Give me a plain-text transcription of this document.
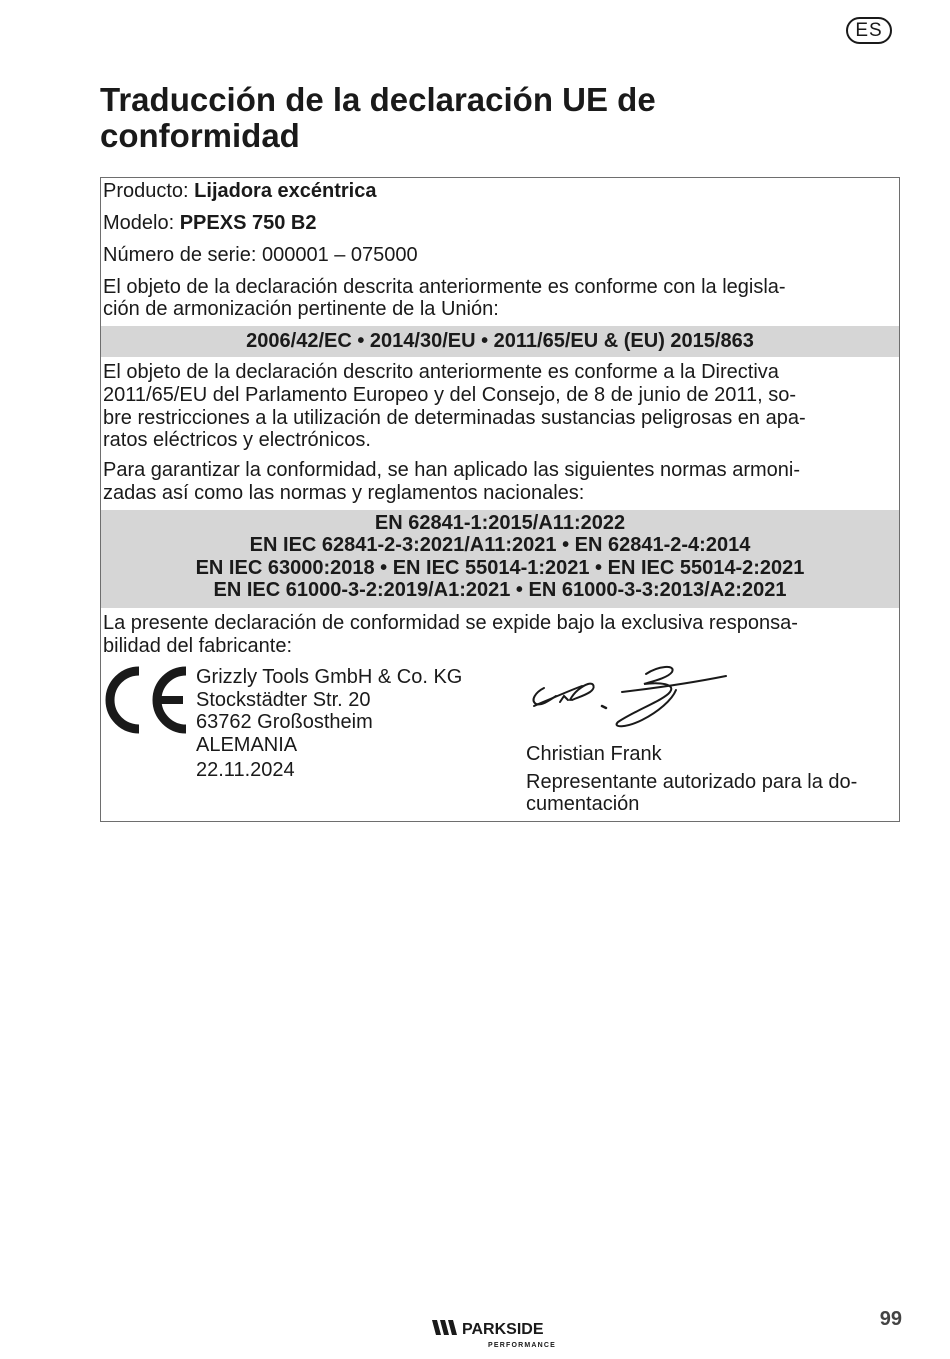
ES
Traducción de la declaración UE de conformidad
Producto: Lijadora excéntrica
Modelo: PPEXS 750 B2
Número de serie: 000001 – 075000
El objeto de la declaración descrita anteriormente es conforme con la legisla-
ción de armonización pertinente de la Unión:
2006/42/EC • 2014/30/EU • 2011/65/EU & (EU) 2015/863
El objeto de la declaración descrito anteriormente es conforme a la Directiva
2011/65/EU del Parlamento Europeo y del Consejo, de 8 de junio de 2011, so-
bre restricciones a la utilización de determinadas sustancias peligrosas en apa-
ratos eléctricos y electrónicos.
Para garantizar la conformidad, se han aplicado las siguientes normas armoni-
zadas así como las normas y reglamentos nacionales:
EN 62841-1:2015/A11:2022
EN IEC 62841-2-3:2021/A11:2021 • EN 62841-2-4:2014
EN IEC 63000:2018 • EN IEC 55014-1:2021 • EN IEC 55014-2:2021
EN IEC 61000-3-2:2019/A1:2021 • EN 61000-3-3:2013/A2:2021
La presente declaración de conformidad se expide bajo la exclusiva responsa-
bilidad del fabricante:
Grizzly Tools GmbH & Co. KG
Stockstädter Str. 20
63762 Großostheim
ALEMANIA
22.11.2024
Christian Frank
Representante autorizado para la do-
cumentación
PARKSIDE
PERFORMANCE
99
